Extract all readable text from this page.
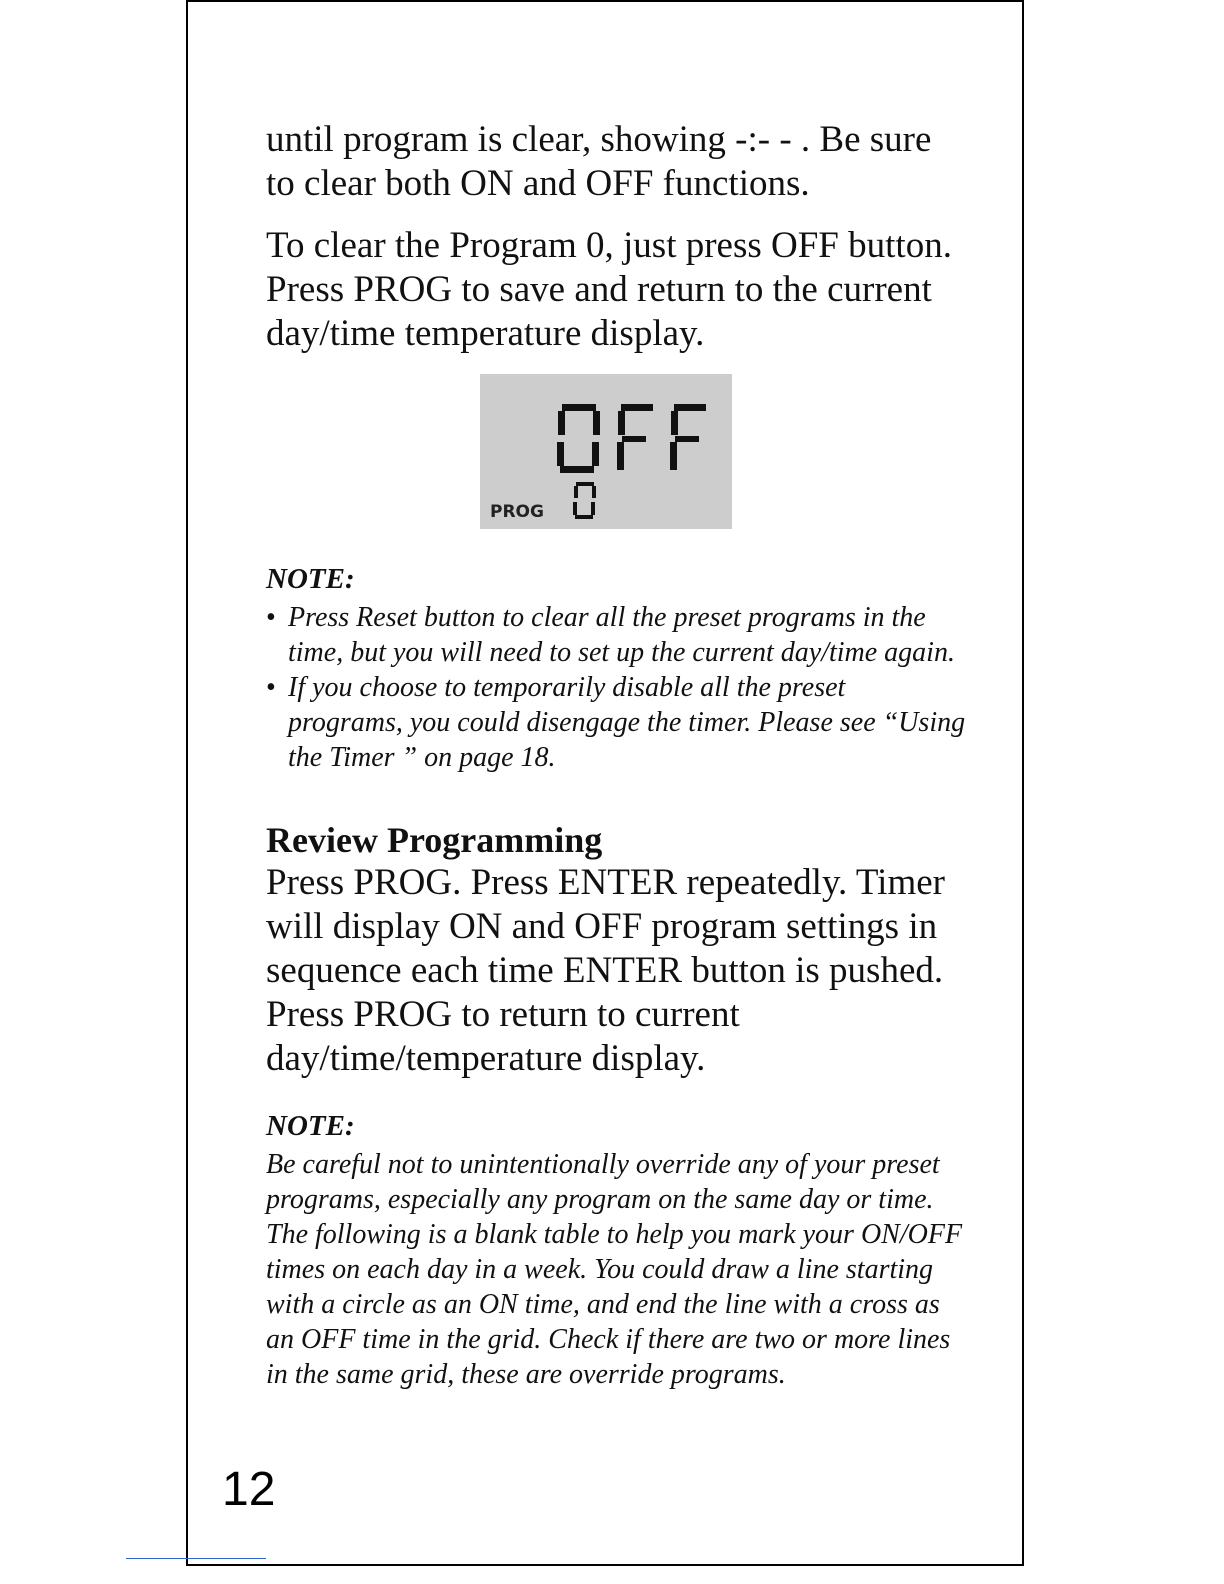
until program is clear, showing -:- - . Be sure to clear both ON and OFF functions.

To clear the Program 0, just press OFF button. Press PROG to save and return to the current day/time temperature display.

PROG
NOTE:
• Press Reset button to clear all the preset programs in the time, but you will need to set up the current day/time again.
• If you choose to temporarily disable all the preset programs, you could disengage the timer. Please see “Using the Timer ” on page 18.
Review Programming

Press PROG. Press ENTER repeatedly. Timer will display ON and OFF program settings in sequence each time ENTER button is pushed. Press PROG to return to current day/time/temperature display.

NOTE:

Be careful not to unintentionally override any of your preset programs, especially any program on the same day or time. The following is a blank table to help you mark your ON/OFF times on each day in a week. You could draw a line starting with a circle as an ON time, and end the line with a cross as an OFF time in the grid. Check if there are two or more lines in the same grid, these are override programs.

12
